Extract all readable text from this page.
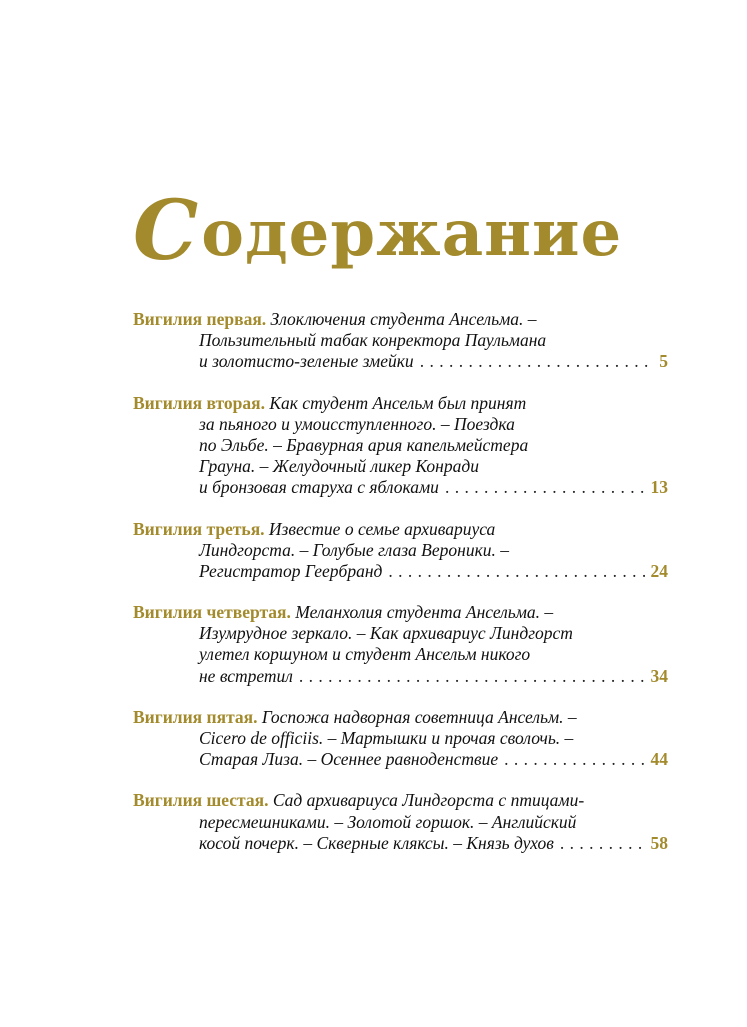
Содержание
Вигилия первая. Злоключения студента Ансельма. –
Пользительный табак конректора Паульмана
и золотисто-зеленые змейки . . .	5
Вигилия вторая. Как студент Ансельм был принят
за пьяного и умоисступленного. – Поездка
по Эльбе. – Бравурная ария капельмейстера
Грауна. – Желудочный ликер Конради
и бронзовая старуха с яблоками . . .	13
Вигилия третья. Известие о семье архивариуса
Линдгорста. – Голубые глаза Вероники. –
Регистратор Геербранд . . .	24
Вигилия четвертая. Меланхолия студента Ансельма. –
Изумрудное зеркало. – Как архивариус Линдгорст
улетел коршуном и студент Ансельм никого
не встретил . . .	34
Вигилия пятая. Госпожа надворная советница Ансельм. –
Cicero de officiis. – Мартышки и прочая сволочь. –
Старая Лиза. – Осеннее равноденствие . . .	44
Вигилия шестая. Сад архивариуса Линдгорста с птицами-
пересмешниками. – Золотой горшок. – Английский
косой почерк. – Скверные кляксы. – Князь духов . . .	58
